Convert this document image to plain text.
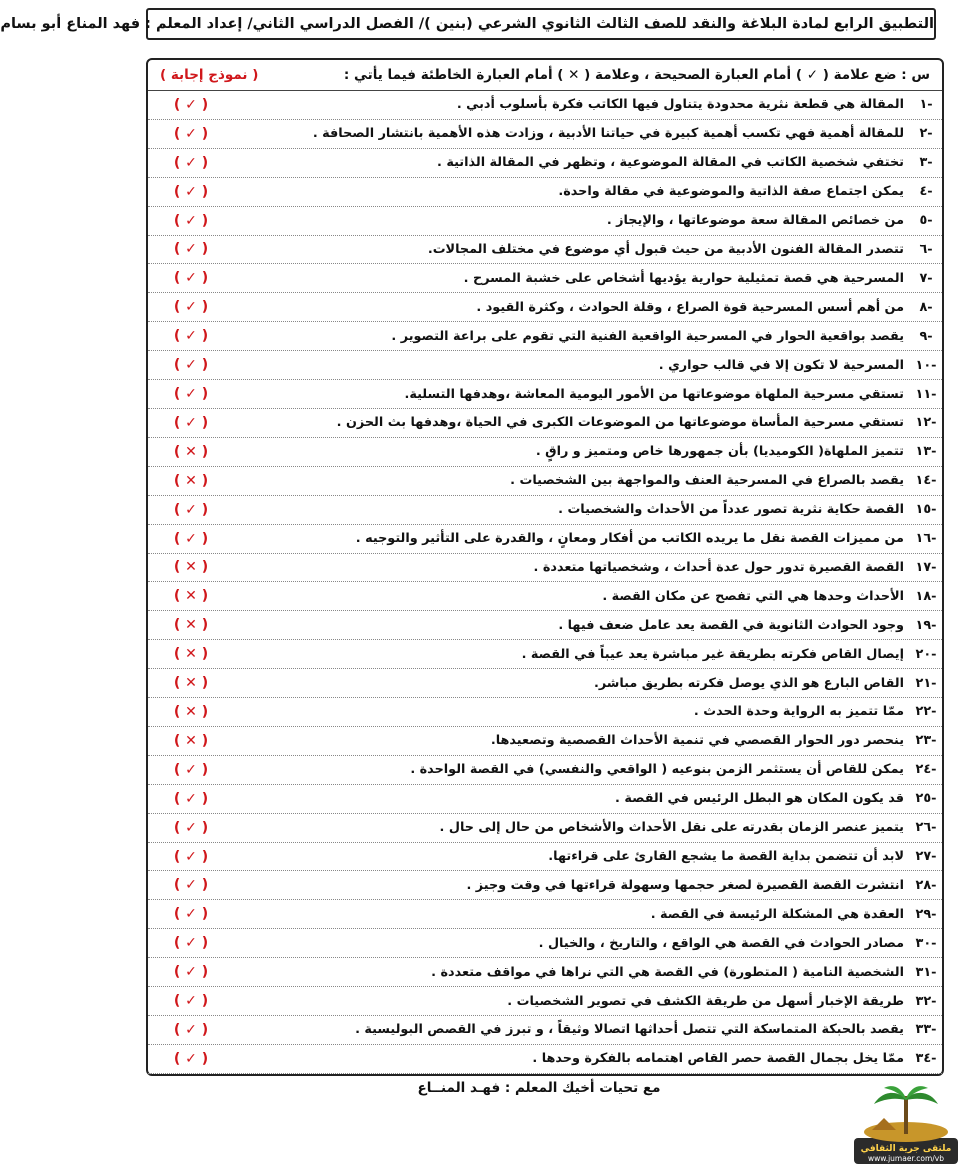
التطبيق الرابع لمادة البلاغة والنقد للصف الثالث الثانوي الشرعي (بنين )/ الفصل الدراسي الثاني/ إعداد المعلم : فهد المناع أبو بسام
س : ضع علامة ( ✓ ) أمام العبارة الصحيحة ، وعلامة ( ✕ ) أمام العبارة الخاطئة فيما يأتي :
( نموذج إجابة )
-١
المقالة هي قطعة نثرية محدودة يتناول فيها الكاتب فكرة بأسلوب أدبي .
( ✓ )
-٢
للمقالة أهمية فهي تكسب أهمية كبيرة في حياتنا الأدبية ، وزادت هذه الأهمية بانتشار الصحافة .
( ✓ )
-٣
تختفي شخصية الكاتب في المقالة الموضوعية ، وتظهر في المقالة الذاتية .
( ✓ )
-٤
يمكن اجتماع صفة الذاتية والموضوعية في مقالة واحدة.
( ✓ )
-٥
من خصائص المقالة سعة موضوعاتها ، والإيجاز .
( ✓ )
-٦
تتصدر المقالة الفنون الأدبية من حيث قبول أي موضوع في مختلف المجالات.
( ✓ )
-٧
المسرحية هي قصة تمثيلية حوارية يؤديها أشخاص على خشبة المسرح .
( ✓ )
-٨
من أهم أسس المسرحية قوة الصراع ، وقلة الحوادث ، وكثرة القيود .
( ✓ )
-٩
يقصد بواقعية الحوار في المسرحية الواقعية الفنية التي تقوم على براعة التصوير .
( ✓ )
-١٠
المسرحية لا تكون إلا في قالب حواري .
( ✓ )
-١١
تستقي مسرحية الملهاة موضوعاتها من الأمور اليومية المعاشة ،وهدفها التسلية.
( ✓ )
-١٢
تستقي مسرحية المأساة موضوعاتها من الموضوعات الكبرى في الحياة ،وهدفها بث الحزن .
( ✓ )
-١٣
تتميز الملهاة( الكوميديا) بأن جمهورها خاص ومتميز و راقٍ .
( ✕ )
-١٤
يقصد بالصراع في المسرحية العنف والمواجهة بين الشخصيات .
( ✕ )
-١٥
القصة حكاية نثرية تصور عدداً من الأحداث والشخصيات .
( ✓ )
-١٦
من مميزات القصة نقل ما يريده الكاتب من أفكار ومعانٍ ، والقدرة على التأثير والتوجيه .
( ✓ )
-١٧
القصة القصيرة تدور حول عدة أحداث ، وشخصياتها متعددة .
( ✕ )
-١٨
الأحداث وحدها هي التي تفصح عن مكان القصة .
( ✕ )
-١٩
وجود الحوادث الثانوية في القصة يعد عامل ضعف فيها .
( ✕ )
-٢٠
إيصال القاص فكرته بطريقة غير مباشرة يعد عيباً في القصة .
( ✕ )
-٢١
القاص البارع هو الذي يوصل فكرته بطريق مباشر.
( ✕ )
-٢٢
ممّا تتميز به الرواية وحدة الحدث .
( ✕ )
-٢٣
ينحصر دور الحوار القصصي في تنمية الأحداث القصصية وتصعيدها.
( ✕ )
-٢٤
يمكن للقاص أن يستثمر الزمن بنوعيه ( الواقعي والنفسي) في القصة الواحدة .
( ✓ )
-٢٥
قد يكون المكان هو البطل الرئيس في القصة .
( ✓ )
-٢٦
يتميز عنصر الزمان بقدرته على نقل الأحداث والأشخاص من حال إلى حال .
( ✓ )
-٢٧
لابد أن تتضمن بداية القصة ما يشجع القارئ على قراءتها.
( ✓ )
-٢٨
انتشرت القصة القصيرة لصغر حجمها وسهولة قراءتها في وقت وجيز .
( ✓ )
-٢٩
العقدة هي المشكلة الرئيسة في القصة .
( ✓ )
-٣٠
مصادر الحوادث في القصة هي الواقع ، والتاريخ ، والخيال .
( ✓ )
-٣١
الشخصية النامية ( المتطورة) في القصة هي التي نراها في مواقف متعددة .
( ✓ )
-٣٢
طريقة الإخبار أسهل من طريقة الكشف في تصوير الشخصيات .
( ✓ )
-٣٣
يقصد بالحبكة المتماسكة التي تتصل أحداثها اتصالا وثيقاً ، و تبرز في القصص البوليسية .
( ✓ )
-٣٤
ممّا يخل بجمال القصة حصر القاص اهتمامه بالفكرة وحدها .
( ✓ )
مع تحيات أخيك المعلم : فهـد المنــاع
ملتقى جرية الثقافي
www.jumaer.com/vb
